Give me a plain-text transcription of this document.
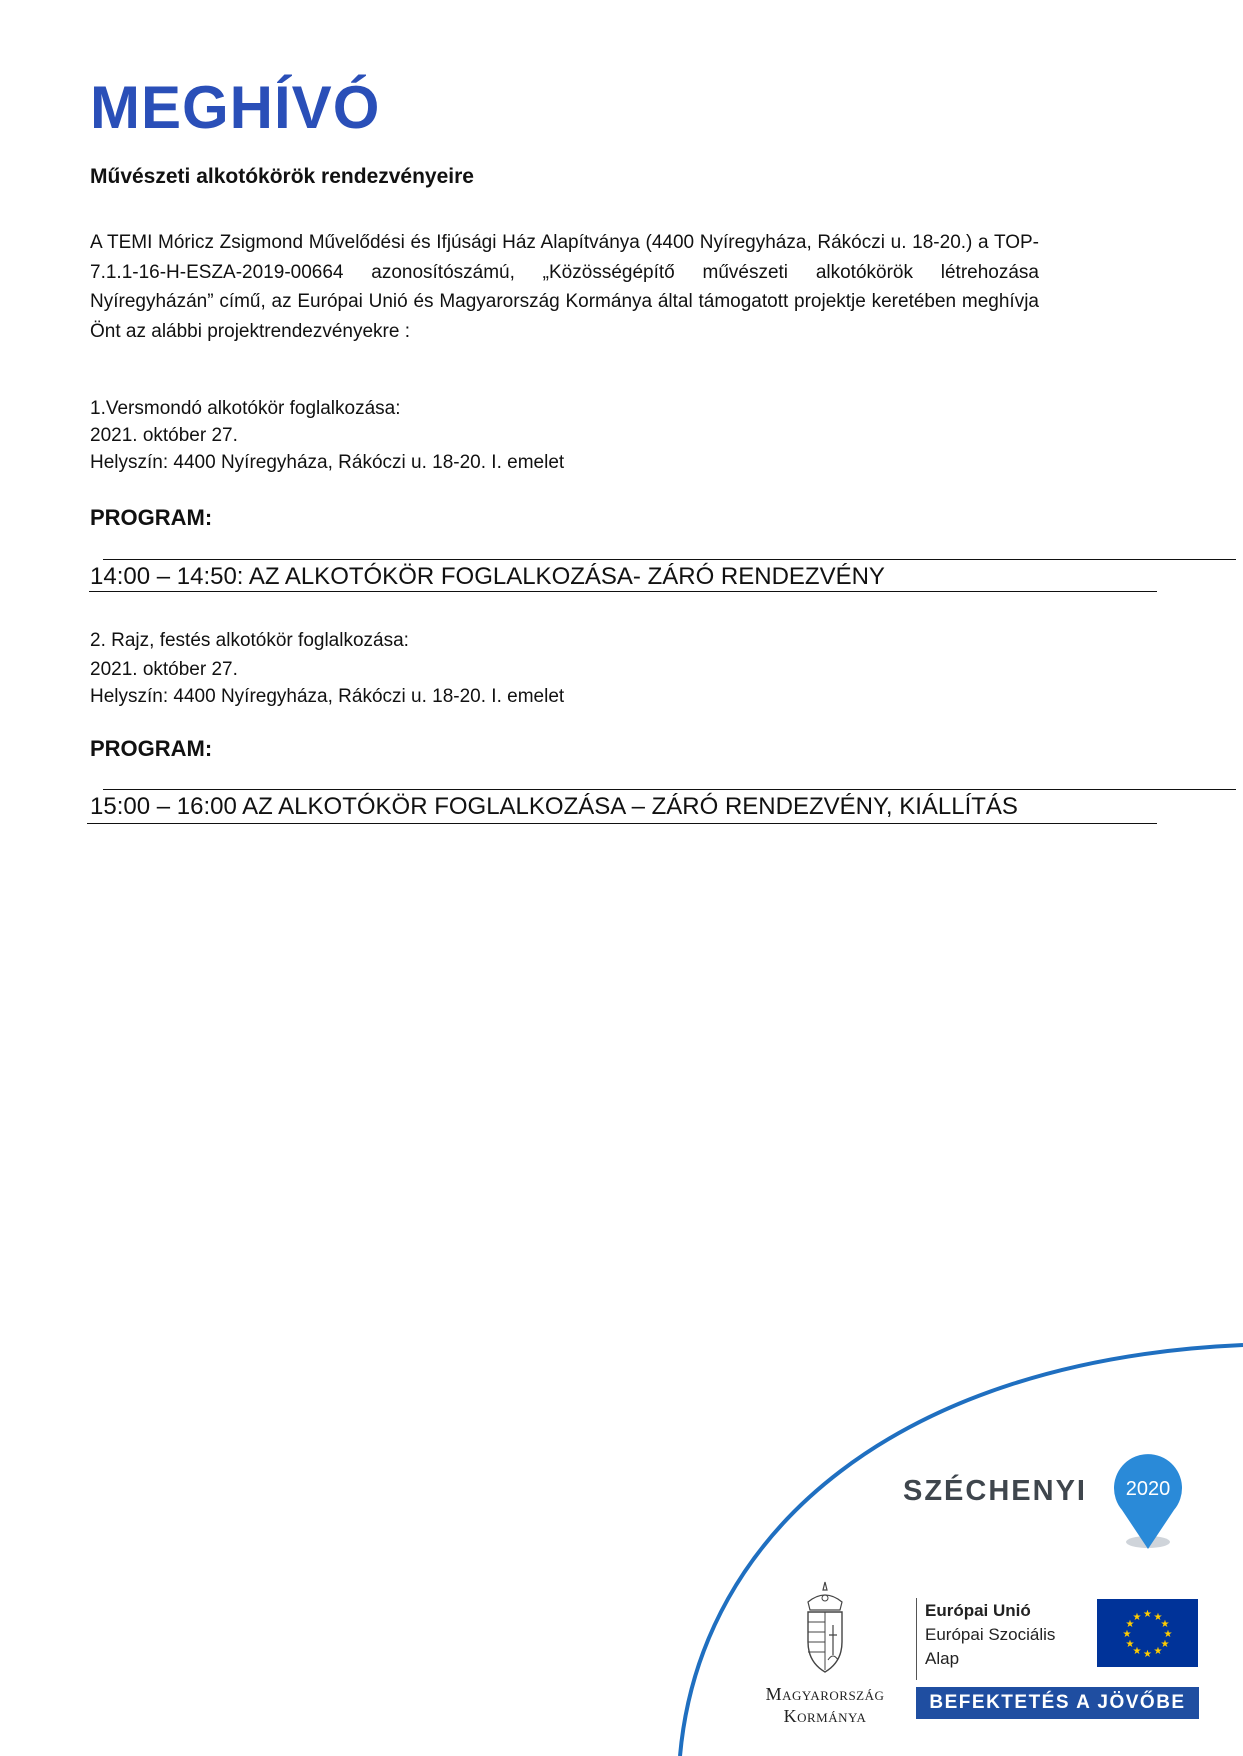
MEGHÍVÓ
Művészeti alkotókörök rendezvényeire
A TEMI Móricz Zsigmond Művelődési és Ifjúsági Ház Alapítványa (4400 Nyíregyháza, Rákóczi u. 18-20.) a TOP-7.1.1-16-H-ESZA-2019-00664 azonosítószámú, „Közösségépítő művészeti alkotókörök létrehozása Nyíregyházán” című, az Európai Unió és Magyarország Kormánya által támogatott projektje keretében meghívja Önt az alábbi projektrendezvényekre :
1.Versmondó alkotókör foglalkozása:
2021. október 27.
Helyszín: 4400 Nyíregyháza, Rákóczi u. 18-20. I. emelet
PROGRAM:
14:00 – 14:50: AZ ALKOTÓKÖR FOGLALKOZÁSA- ZÁRÓ RENDEZVÉNY
2. Rajz, festés alkotókör foglalkozása:
2021. október 27.
Helyszín: 4400 Nyíregyháza, Rákóczi u. 18-20. I. emelet
PROGRAM:
15:00 – 16:00 AZ ALKOTÓKÖR FOGLALKOZÁSA – ZÁRÓ RENDEZVÉNY, KIÁLLÍTÁS
SZÉCHENYI 2020
Magyarország
Kormánya
Európai Unió
Európai Szociális
Alap
★ ★
★
★
★
★
★
★
★
★
★
★
BEFEKTETÉS A JÖVŐBE
